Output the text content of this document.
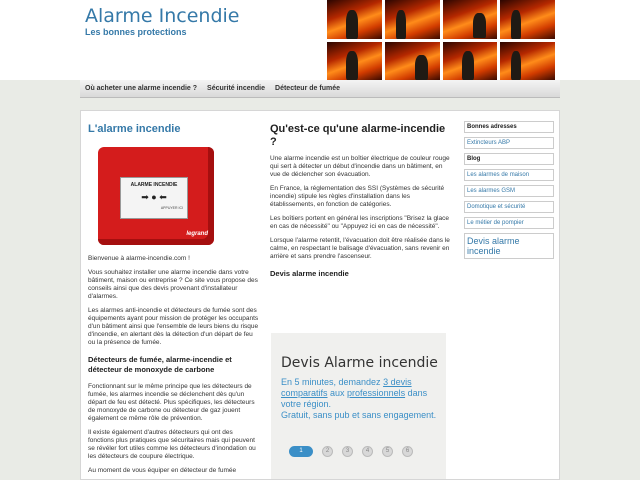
Alarme Incendie
Les bonnes protections
Où acheter une alarme incendie ?	Sécurité incendie	Détecteur de fumée
L'alarme incendie
ALARME INCENDIE
➡ ● ⬅
APPUYER ICI
legrand

Bienvenue à alarme-incendie.com !

Vous souhaitez installer une alarme incendie dans votre bâtiment, maison ou entreprise ? Ce site vous propose des conseils ainsi que des devis provenant d'installateur d'alarmes.

Les alarmes anti-incendie et détecteurs de fumée sont des équipements ayant pour mission de protéger les occupants d'un bâtiment ainsi que l'ensemble de leurs biens du risque d'incendie, en alertant dès la détection d'un départ de feu ou la présence de fumée.

Détecteurs de fumée, alarme-incendie et détecteur de monoxyde de carbone

Fonctionnant sur le même principe que les détecteurs de fumée, les alarmes incendie se déclenchent dès qu'un départ de feu est détecté. Plus spécifiques, les détecteurs de monoxyde de carbone ou détecteur de gaz jouent également ce même rôle de prévention.

Il existe également d'autres détecteurs qui ont des fonctions plus pratiques que sécuritaires mais qui peuvent se révéler fort utiles comme les détecteurs d'inondation ou les détecteurs de coupure électrique.

Au moment de vous équiper en détecteur de fumée

Qu'est-ce qu'une alarme-incendie ?

Une alarme incendie est un boîtier électrique de couleur rouge qui sert à détecter un début d'incendie dans un bâtiment, en vue de déclencher son évacuation.

En France, la réglementation des SSI (Systèmes de sécurité incendie) stipule les règles d'installation dans les établissements, en fonction de catégories.

Les boîtiers portent en général les inscriptions "Brisez la glace en cas de nécessité" ou "Appuyez ici en cas de nécessité".

Lorsque l'alarme retentit, l'évacuation doit être réalisée dans le calme, en respectant le balisage d'évacuation, sans revenir en arrière et sans prendre l'ascenseur.

Devis alarme incendie
Devis Alarme incendie
En 5 minutes, demandez 3 devis comparatifs aux professionnels dans votre région.
Gratuit, sans pub et sans engagement.
1	2	3	4	5	6
Bonnes adresses
Extincteurs ABP
Blog
Les alarmes de maison
Les alarmes GSM
Domotique et sécurité
Le métier de pompier
Devis alarme incendie
